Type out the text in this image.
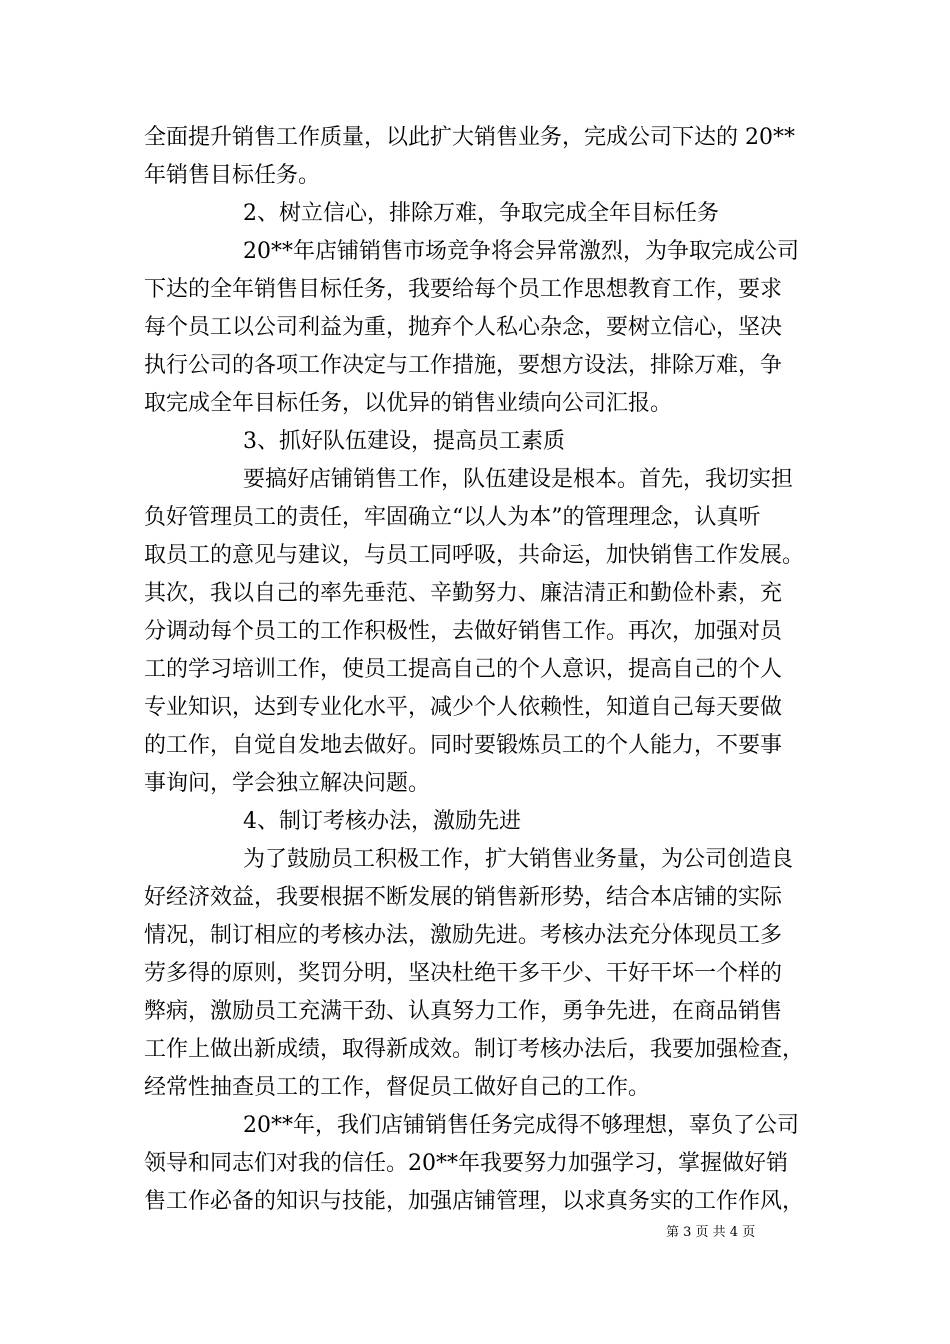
全面提升销售工作质量，以此扩大销售业务，完成公司下达的 20**
年销售目标任务。
2、树立信心，排除万难，争取完成全年目标任务
20**年店铺销售市场竞争将会异常激烈，为争取完成公司
下达的全年销售目标任务，我要给每个员工作思想教育工作，要求
每个员工以公司利益为重，抛弃个人私心杂念，要树立信心，坚决
执行公司的各项工作决定与工作措施，要想方设法，排除万难，争
取完成全年目标任务，以优异的销售业绩向公司汇报。
3、抓好队伍建设，提高员工素质
要搞好店铺销售工作，队伍建设是根本。首先，我切实担
负好管理员工的责任，牢固确立“以人为本”的管理理念，认真听
取员工的意见与建议，与员工同呼吸，共命运，加快销售工作发展。
其次，我以自己的率先垂范、辛勤努力、廉洁清正和勤俭朴素，充
分调动每个员工的工作积极性，去做好销售工作。再次，加强对员
工的学习培训工作，使员工提高自己的个人意识，提高自己的个人
专业知识，达到专业化水平，减少个人依赖性，知道自己每天要做
的工作，自觉自发地去做好。同时要锻炼员工的个人能力，不要事
事询问，学会独立解决问题。
4、制订考核办法，激励先进
为了鼓励员工积极工作，扩大销售业务量，为公司创造良
好经济效益，我要根据不断发展的销售新形势，结合本店铺的实际
情况，制订相应的考核办法，激励先进。考核办法充分体现员工多
劳多得的原则，奖罚分明，坚决杜绝干多干少、干好干坏一个样的
弊病，激励员工充满干劲、认真努力工作，勇争先进，在商品销售
工作上做出新成绩，取得新成效。制订考核办法后，我要加强检查，
经常性抽查员工的工作，督促员工做好自己的工作。
20**年，我们店铺销售任务完成得不够理想，辜负了公司
领导和同志们对我的信任。20**年我要努力加强学习，掌握做好销
售工作必备的知识与技能，加强店铺管理，以求真务实的工作作风，
第 3 页 共 4 页
